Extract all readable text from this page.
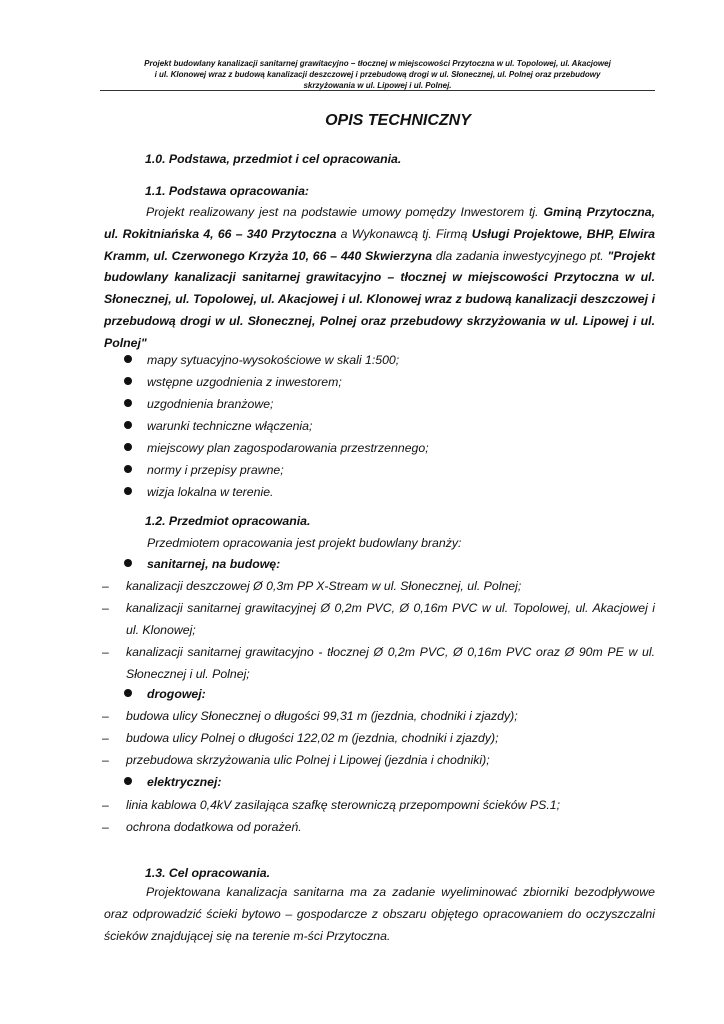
Projekt budowlany kanalizacji sanitarnej grawitacyjno – tłocznej w miejscowości Przytoczna w ul. Topolowej, ul. Akacjowej
i ul. Klonowej wraz z budową kanalizacji deszczowej i przebudową drogi w ul. Słonecznej, ul. Polnej oraz przebudowy
skrzyżowania w ul. Lipowej i ul. Polnej.
OPIS TECHNICZNY
1.0. Podstawa, przedmiot i cel opracowania.
1.1. Podstawa opracowania:
Projekt realizowany jest na podstawie umowy pomędzy Inwestorem tj. Gminą Przytoczna, ul. Rokitniańska 4, 66 – 340 Przytoczna a Wykonawcą tj. Firmą Usługi Projektowe, BHP, Elwira Kramm, ul. Czerwonego Krzyża 10, 66 – 440 Skwierzyna dla zadania inwestycyjnego pt. "Projekt budowlany kanalizacji sanitarnej grawitacyjno – tłocznej w miejscowości Przytoczna w ul. Słonecznej, ul. Topolowej, ul. Akacjowej i ul. Klonowej wraz z budową kanalizacji deszczowej i przebudową drogi w ul. Słonecznej, Polnej oraz przebudowy skrzyżowania w ul. Lipowej i ul. Polnej"
mapy sytuacyjno-wysokościowe w skali 1:500;
wstępne uzgodnienia z inwestorem;
uzgodnienia branżowe;
warunki techniczne włączenia;
miejscowy plan zagospodarowania przestrzennego;
normy i przepisy prawne;
wizja lokalna w terenie.
1.2. Przedmiot opracowania.
Przedmiotem opracowania jest projekt budowlany branży:
sanitarnej, na budowę:
– kanalizacji deszczowej Ø 0,3m PP X-Stream w ul. Słonecznej, ul. Polnej;
– kanalizacji sanitarnej grawitacyjnej Ø 0,2m PVC, Ø 0,16m PVC w ul. Topolowej, ul. Akacjowej i ul. Klonowej;
– kanalizacji sanitarnej grawitacyjno - tłocznej Ø 0,2m PVC, Ø 0,16m PVC oraz Ø 90m PE w ul. Słonecznej i ul. Polnej;
drogowej:
– budowa ulicy Słonecznej o długości 99,31 m (jezdnia, chodniki i zjazdy);
– budowa ulicy Polnej o długości 122,02 m (jezdnia, chodniki i zjazdy);
– przebudowa skrzyżowania ulic Polnej i Lipowej (jezdnia i chodniki);
elektrycznej:
– linia kablowa 0,4kV zasilająca szafkę sterowniczą przepompowni ścieków PS.1;
– ochrona dodatkowa od porażeń.
1.3. Cel opracowania.
Projektowana kanalizacja sanitarna ma za zadanie wyeliminować zbiorniki bezodpływowe oraz odprowadzić ścieki bytowo – gospodarcze z obszaru objętego opracowaniem do oczyszczalni ścieków znajdującej się na terenie m-ści Przytoczna.
